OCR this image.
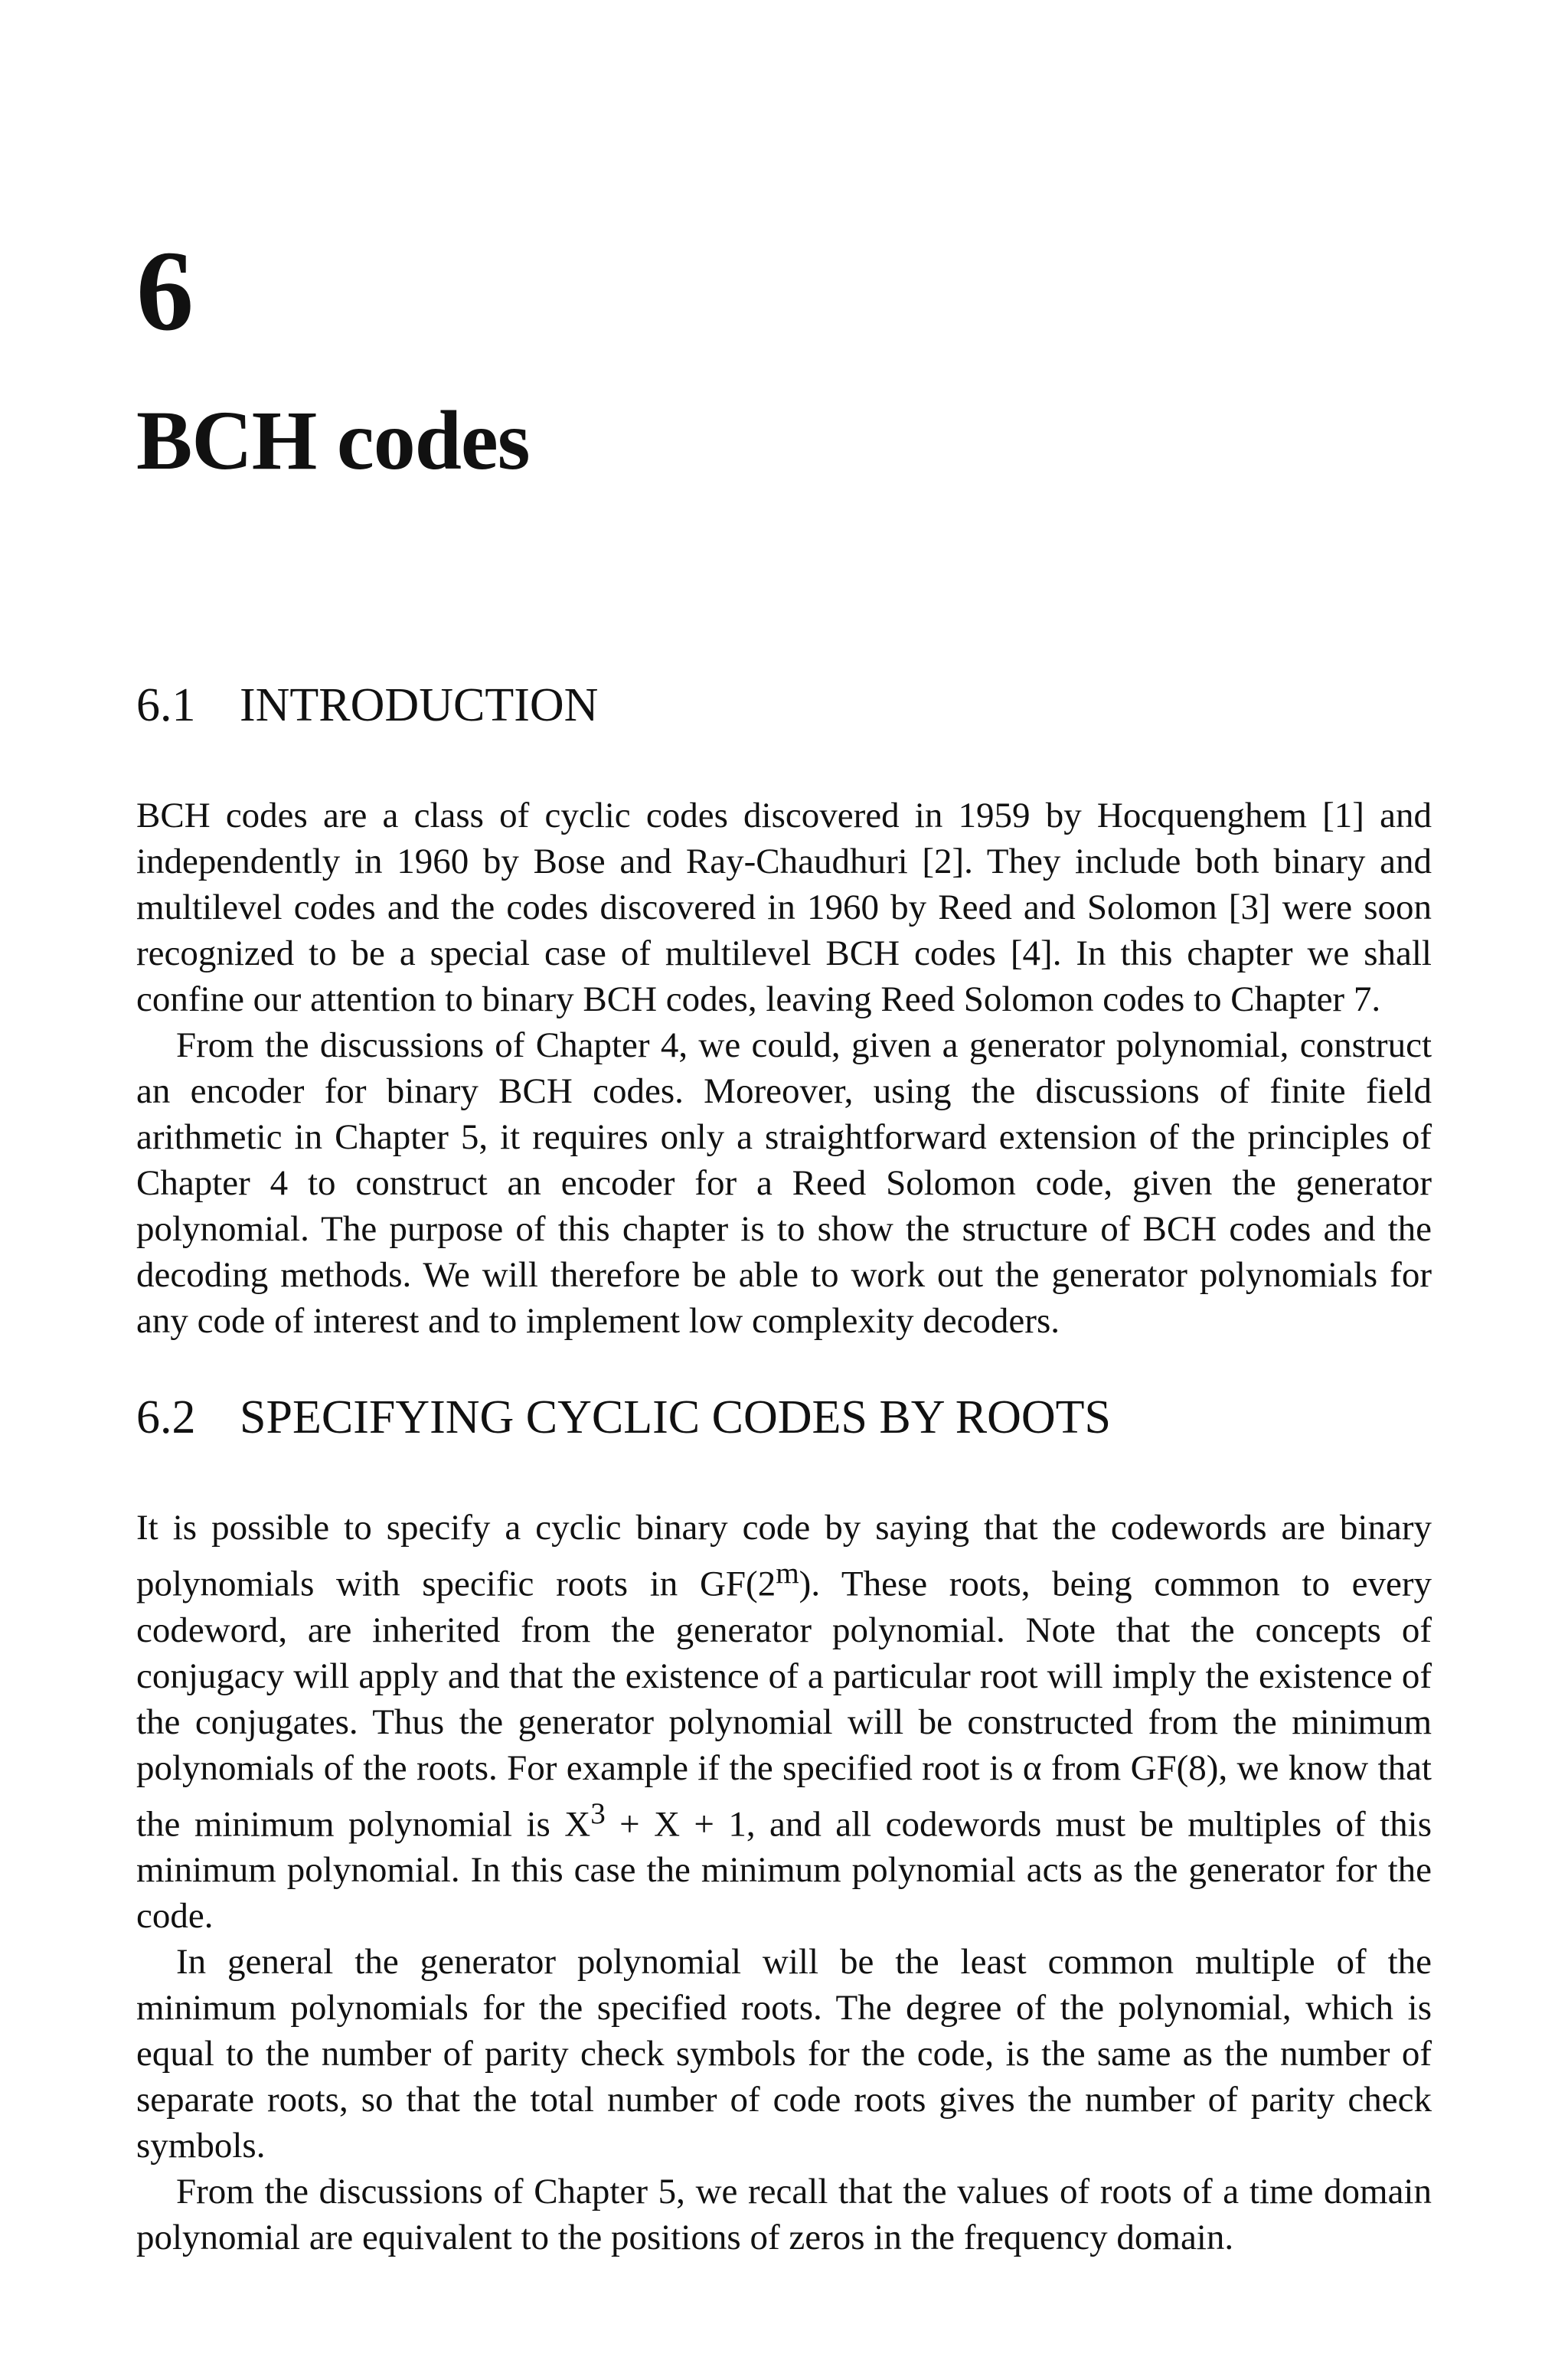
6
BCH codes
6.1 INTRODUCTION

BCH codes are a class of cyclic codes discovered in 1959 by Hocquenghem [1] and independently in 1960 by Bose and Ray-Chaudhuri [2]. They include both binary and multilevel codes and the codes discovered in 1960 by Reed and Solomon [3] were soon recognized to be a special case of multilevel BCH codes [4]. In this chapter we shall confine our attention to binary BCH codes, leaving Reed Solomon codes to Chapter 7.

From the discussions of Chapter 4, we could, given a generator polynomial, construct an encoder for binary BCH codes. Moreover, using the discussions of finite field arithmetic in Chapter 5, it requires only a straightforward extension of the principles of Chapter 4 to construct an encoder for a Reed Solomon code, given the generator polynomial. The purpose of this chapter is to show the structure of BCH codes and the decoding methods. We will therefore be able to work out the generator polynomials for any code of interest and to implement low complexity decoders.

6.2 SPECIFYING CYCLIC CODES BY ROOTS

It is possible to specify a cyclic binary code by saying that the codewords are binary polynomials with specific roots in GF(2$^m$). These roots, being common to every codeword, are inherited from the generator polynomial. Note that the concepts of conjugacy will apply and that the existence of a particular root will imply the existence of the conjugates. Thus the generator polynomial will be constructed from the minimum polynomials of the roots. For example if the specified root is α from GF(8), we know that the minimum polynomial is $X^3 + X + 1$, and all codewords must be multiples of this minimum polynomial. In this case the minimum polynomial acts as the generator for the code.

In general the generator polynomial will be the least common multiple of the minimum polynomials for the specified roots. The degree of the polynomial, which is equal to the number of parity check symbols for the code, is the same as the number of separate roots, so that the total number of code roots gives the number of parity check symbols.

From the discussions of Chapter 5, we recall that the values of roots of a time domain polynomial are equivalent to the positions of zeros in the frequency domain.
